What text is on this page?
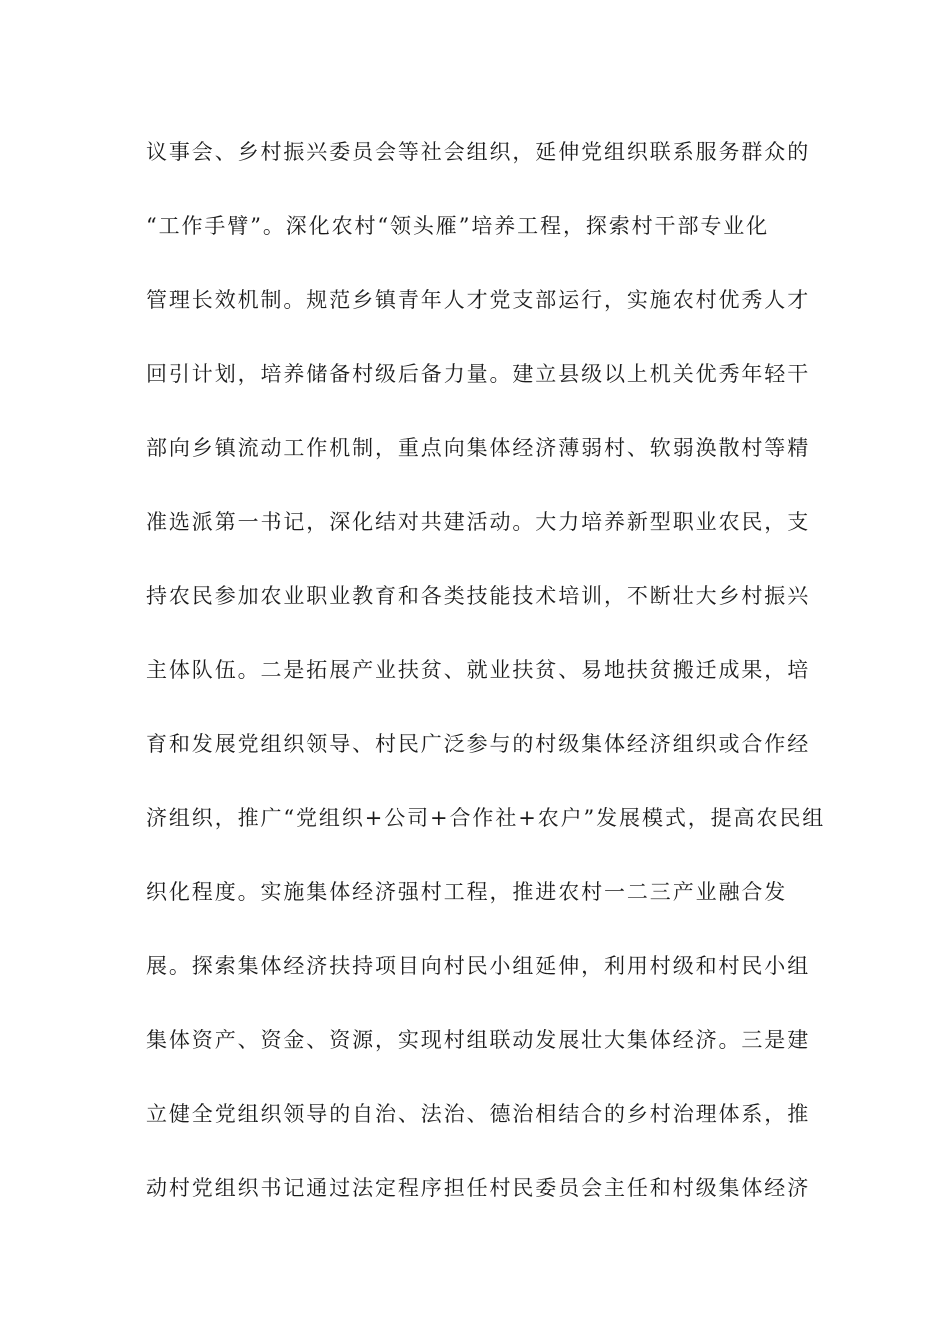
议事会、乡村振兴委员会等社会组织，延伸党组织联系服务群众的
“工作手臂”。深化农村“领头雁”培养工程，探索村干部专业化
管理长效机制。规范乡镇青年人才党支部运行，实施农村优秀人才
回引计划，培养储备村级后备力量。建立县级以上机关优秀年轻干
部向乡镇流动工作机制，重点向集体经济薄弱村、软弱涣散村等精
准选派第一书记，深化结对共建活动。大力培养新型职业农民，支
持农民参加农业职业教育和各类技能技术培训，不断壮大乡村振兴
主体队伍。二是拓展产业扶贫、就业扶贫、易地扶贫搬迁成果，培
育和发展党组织领导、村民广泛参与的村级集体经济组织或合作经
济组织，推广“党组织+公司+合作社+农户”发展模式，提高农民组
织化程度。实施集体经济强村工程，推进农村一二三产业融合发
展。探索集体经济扶持项目向村民小组延伸，利用村级和村民小组
集体资产、资金、资源，实现村组联动发展壮大集体经济。三是建
立健全党组织领导的自治、法治、德治相结合的乡村治理体系，推
动村党组织书记通过法定程序担任村民委员会主任和村级集体经济
